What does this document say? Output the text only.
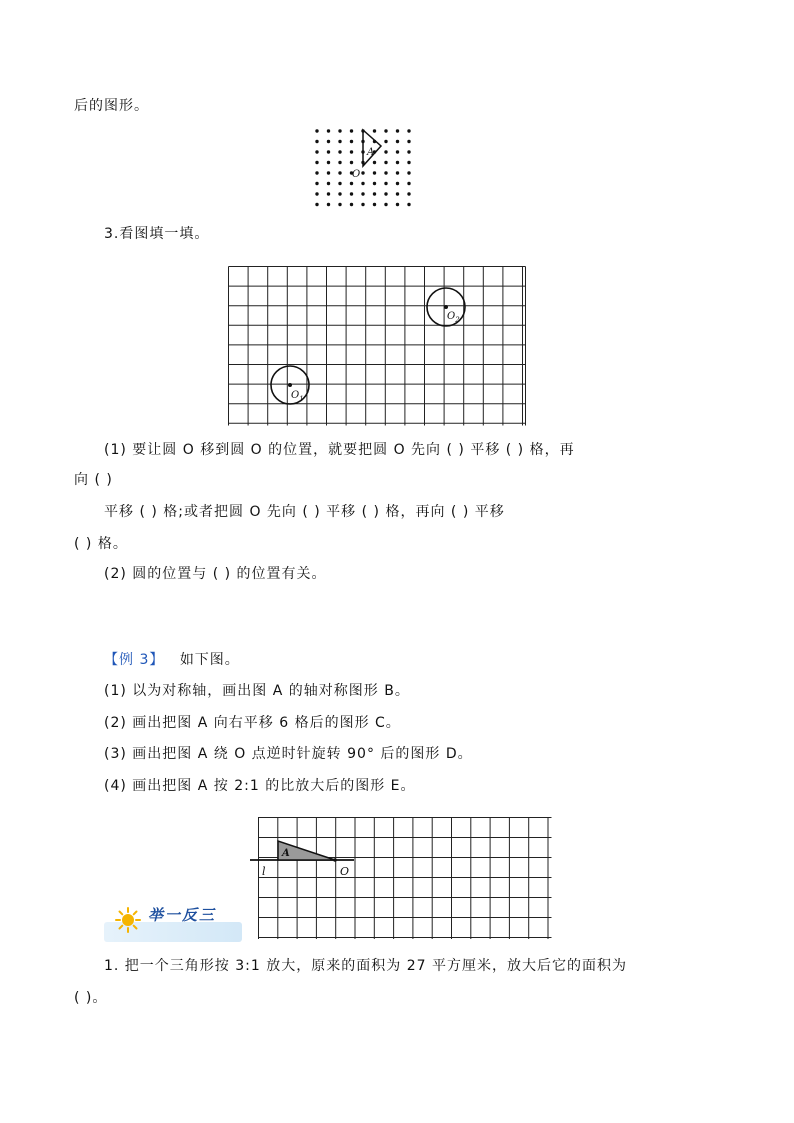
后的图形。
A
O
3.看图填一填。
$O_1$
$O_2$
(1) 要让圆 O 移到圆 O 的位置，就要把圆 O 先向 ( ) 平移 ( ) 格，再
向 ( )
平移 ( ) 格;或者把圆 O 先向 ( ) 平移 ( ) 格，再向 ( ) 平移
( ) 格。
(2) 圆的位置与 ( ) 的位置有关。
【例 3】 如下图。
(1) 以为对称轴，画出图 A 的轴对称图形 B。
(2) 画出把图 A 向右平移 6 格后的图形 C。
(3) 画出把图 A 绕 O 点逆时针旋转 90° 后的图形 D。
(4) 画出把图 A 按 2:1 的比放大后的图形 E。
A
l	O
举一反三
1. 把一个三角形按 3:1 放大，原来的面积为 27 平方厘米，放大后它的面积为
( )。
